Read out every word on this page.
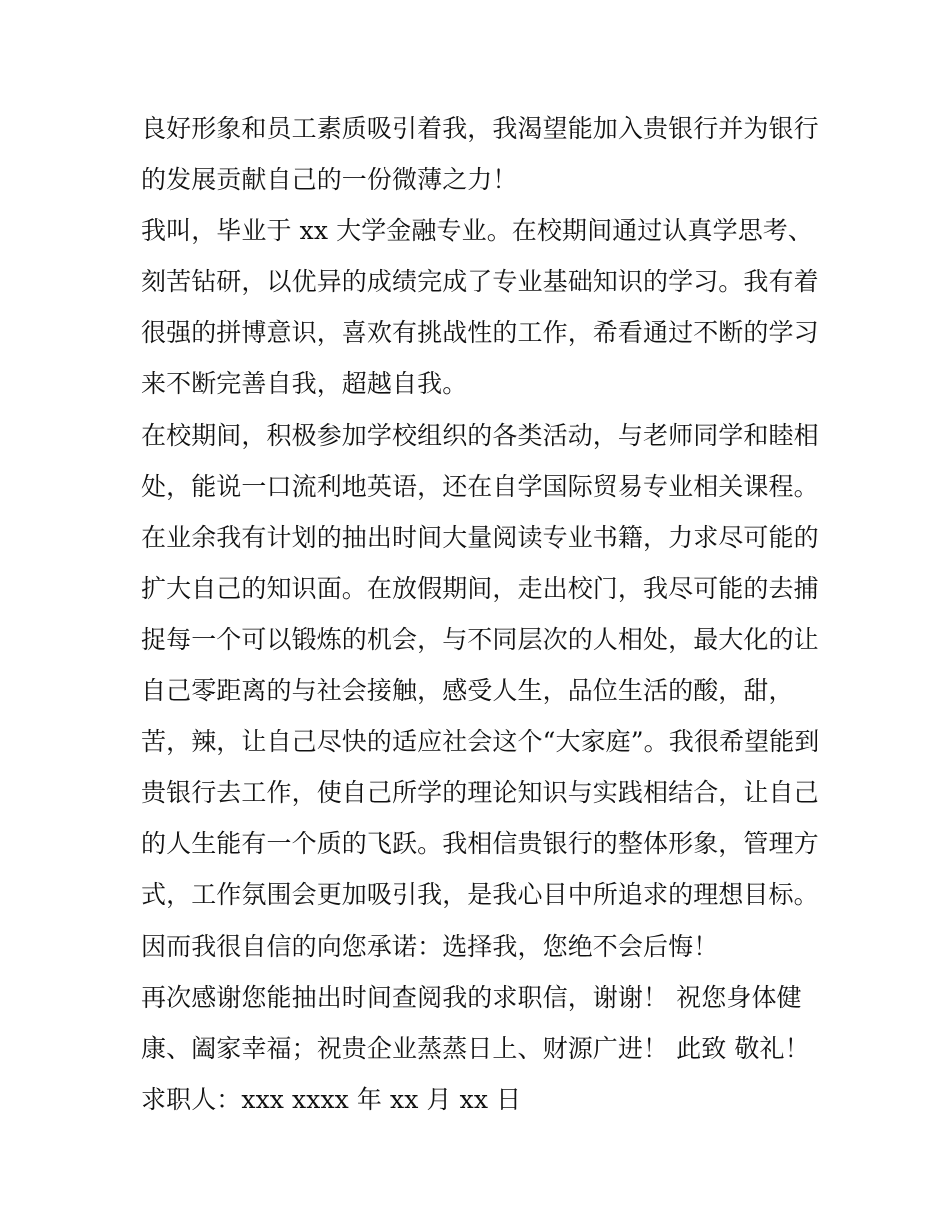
良好形象和员工素质吸引着我，我渴望能加入贵银行并为银行
的发展贡献自己的一份微薄之力！
我叫，毕业于 xx 大学金融专业。在校期间通过认真学思考、
刻苦钻研，以优异的成绩完成了专业基础知识的学习。我有着
很强的拼博意识，喜欢有挑战性的工作，希看通过不断的学习
来不断完善自我，超越自我。
在校期间，积极参加学校组织的各类活动，与老师同学和睦相
处，能说一口流利地英语，还在自学国际贸易专业相关课程。
在业余我有计划的抽出时间大量阅读专业书籍，力求尽可能的
扩大自己的知识面。在放假期间，走出校门，我尽可能的去捕
捉每一个可以锻炼的机会，与不同层次的人相处，最大化的让
自己零距离的与社会接触，感受人生，品位生活的酸，甜，
苦，辣，让自己尽快的适应社会这个“大家庭”。我很希望能到
贵银行去工作，使自己所学的理论知识与实践相结合，让自己
的人生能有一个质的飞跃。我相信贵银行的整体形象，管理方
式，工作氛围会更加吸引我，是我心目中所追求的理想目标。
因而我很自信的向您承诺：选择我，您绝不会后悔！
再次感谢您能抽出时间查阅我的求职信，谢谢！ 祝您身体健
康、阖家幸福；祝贵企业蒸蒸日上、财源广进！ 此致 敬礼！
求职人：xxx xxxx 年 xx 月 xx 日
